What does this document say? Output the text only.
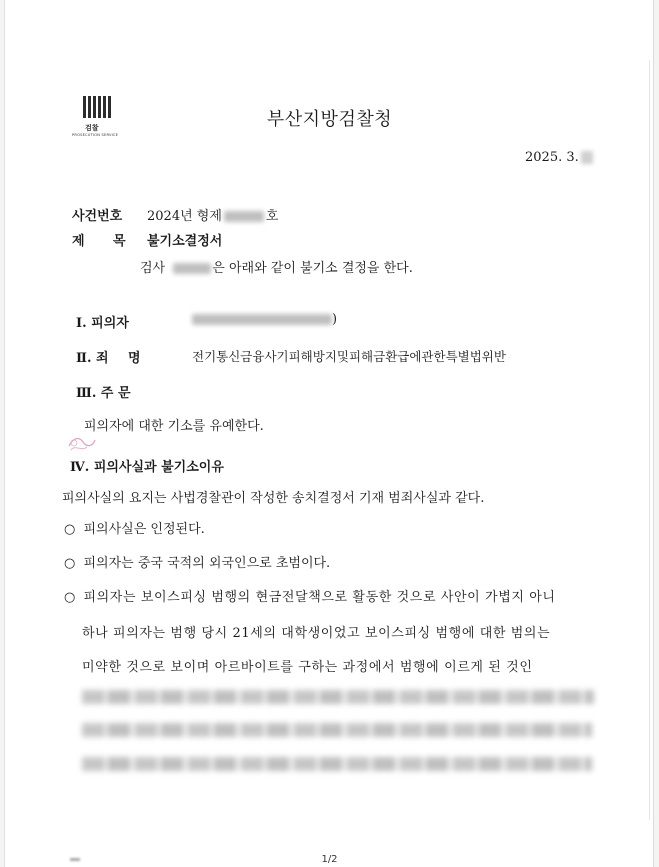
검찰
PROSECUTION SERVICE
부산지방검찰청
2025. 3.
사건번호 2024년 형제	호
제 목 불기소결정서
검사	은 아래와 같이 불기소 결정을 한다.
Ⅰ. 피의자	)
Ⅱ. 죄 명	전기통신금융사기피해방지및피해금환급에관한특별법위반
Ⅲ. 주 문
피의자에 대한 기소를 유예한다.
Ⅳ. 피의사실과 불기소이유
피의사실의 요지는 사법경찰관이 작성한 송치결정서 기재 범죄사실과 같다.
○ 피의사실은 인정된다.
○ 피의자는 중국 국적의 외국인으로 초범이다.
○ 피의자는 보이스피싱 범행의 현금전달책으로 활동한 것으로 사안이 가볍지 아니
하나 피의자는 범행 당시 21세의 대학생이었고 보이스피싱 범행에 대한 범의는
미약한 것으로 보이며 아르바이트를 구하는 과정에서 범행에 이르게 된 것인
1/2
